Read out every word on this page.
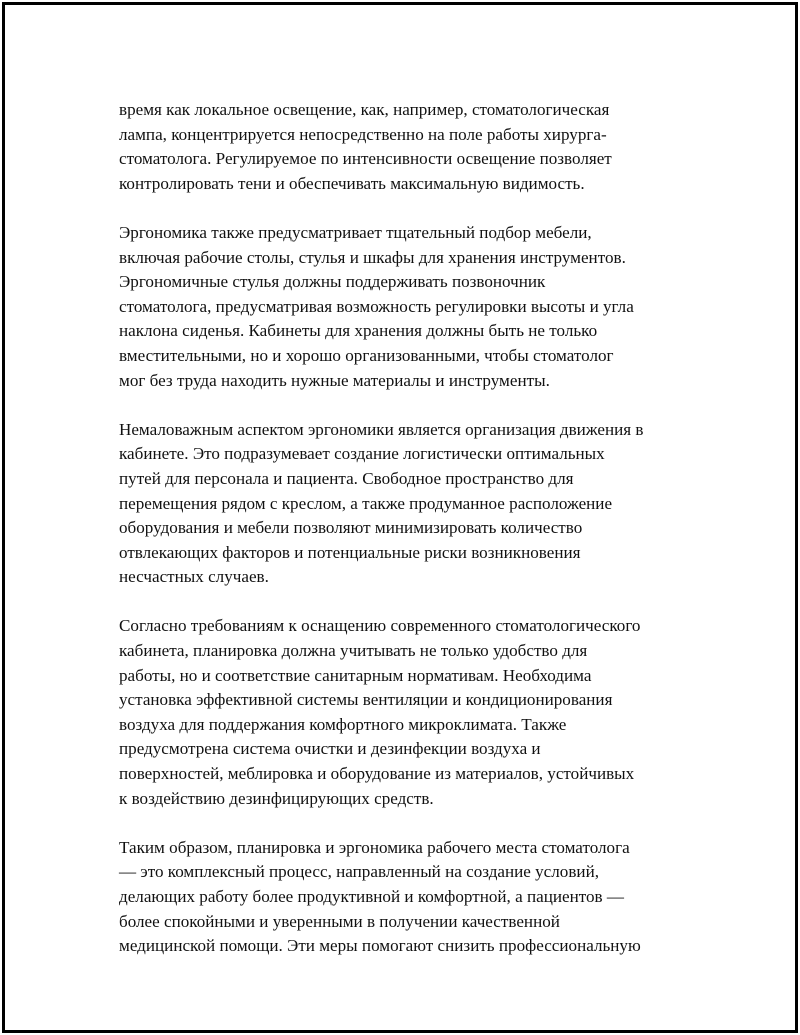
время как локальное освещение, как, например, стоматологическая
лампа, концентрируется непосредственно на поле работы хирурга-
стоматолога. Регулируемое по интенсивности освещение позволяет
контролировать тени и обеспечивать максимальную видимость.

Эргономика также предусматривает тщательный подбор мебели,
включая рабочие столы, стулья и шкафы для хранения инструментов.
Эргономичные стулья должны поддерживать позвоночник
стоматолога, предусматривая возможность регулировки высоты и угла
наклона сиденья. Кабинеты для хранения должны быть не только
вместительными, но и хорошо организованными, чтобы стоматолог
мог без труда находить нужные материалы и инструменты.

Немаловажным аспектом эргономики является организация движения в
кабинете. Это подразумевает создание логистически оптимальных
путей для персонала и пациента. Свободное пространство для
перемещения рядом с креслом, а также продуманное расположение
оборудования и мебели позволяют минимизировать количество
отвлекающих факторов и потенциальные риски возникновения
несчастных случаев.

Согласно требованиям к оснащению современного стоматологического
кабинета, планировка должна учитывать не только удобство для
работы, но и соответствие санитарным нормативам. Необходима
установка эффективной системы вентиляции и кондиционирования
воздуха для поддержания комфортного микроклимата. Также
предусмотрена система очистки и дезинфекции воздуха и
поверхностей, меблировка и оборудование из материалов, устойчивых
к воздействию дезинфицирующих средств.

Таким образом, планировка и эргономика рабочего места стоматолога
— это комплексный процесс, направленный на создание условий,
делающих работу более продуктивной и комфортной, а пациентов —
более спокойными и уверенными в получении качественной
медицинской помощи. Эти меры помогают снизить профессиональную
